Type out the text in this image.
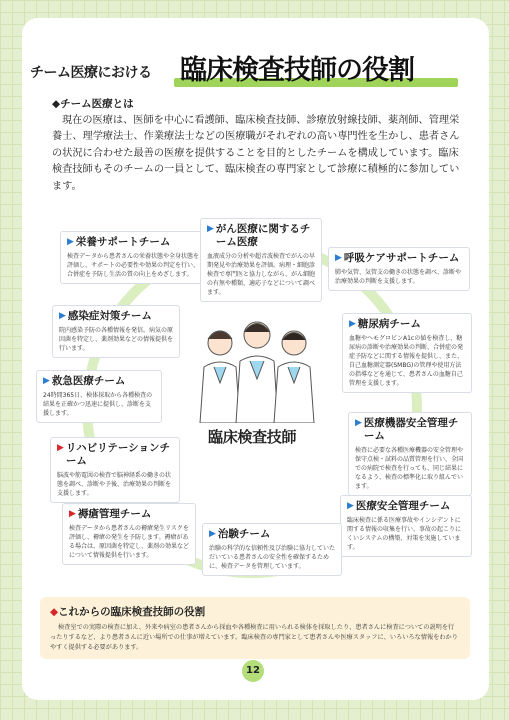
チーム医療における 臨床検査技師の役割
◆チーム医療とは

現在の医療は、医師を中心に看護師、臨床検査技師、診療放射線技師、薬剤師、管理栄養士、理学療法士、作業療法士などの医療職がそれぞれの高い専門性を生かし、患者さんの状況に合わせた最善の医療を提供することを目的としたチームを構成しています。臨床検査技師もそのチームの一員として、臨床検査の専門家として診療に積極的に参加しています。

臨床検査技師
▶ 栄養サポートチーム
検査データから患者さんの栄養状態や全身状態を評価し、サポートの必要性や効果の判定を行い、合併症を予防し生活の質の向上をめざします。
▶ がん医療に関するチーム医療
血液成分の分析や超音波検査でがんの早期発見や治療効果を評価。病理・細胞診検査で専門医と協力しながら、がん細胞の有無や種類、適応子などについて調べます。
▶ 呼吸ケアサポートチーム
肺や気管、気管支の働きの状態を調べ、診断や治療効果の判断を支援します。
▶ 感染症対策チーム
院内感染予防の各種情報を発信。病気の原因菌を特定し、薬剤効果などの情報提供を行います。
▶ 糖尿病チーム
血糖やヘモグロビンA1cの値を検査し、糖尿病の診断や治療効果の判断、合併症の発症予防などに関する情報を提供し、また、自己血糖測定器(SMBG)の管理や使用方法の指導などを通じて、患者さんの血糖自己管理を支援します。
▶ 救急医療チーム
24時間365日、検体採取から各種検査の結果を正確かつ迅速に提供し、診断を支援します。
▶ 医療機器安全管理チーム
検査に必要な各種医療機器の安全管理や保守点検・試料の品質管理を行い、全国での病院で検査を行っても、同じ結果になるよう、検査の標準化に取り組んでいます。
▶ リハビリテーションチーム
脳波や筋電図の検査で脳神経系の働きの状態を調べ、診断や予後、治療効果の判断を支援します。
▶ 医療安全管理チーム
臨床検査に係る医療事故やインシデントに関する情報の収集を行い、事故の起こりにくいシステムの構築、対策を実施しています。
▶ 褥瘡管理チーム
検査データから患者さんの褥瘡発生リスクを評価し、褥瘡の発生を予防します。褥瘡がある場合は、原因菌を特定し、薬剤の効果などについて情報提供を行います。
▶ 治験チーム
治験の科学的な信頼性及び治験に協力していただいている患者さんの安全性を確保するために、検査データを管理しています。
◆これからの臨床検査技師の役割

検査室での実際の検査に加え、外来や病室の患者さんから採血や各種検査に用いられる検体を採取したり、患者さんに検査についての説明を行ったりするなど、より患者さんに近い場所での仕事が増えています。臨床検査の専門家として患者さんや医療スタッフに、いろいろな情報をわかりやすく提供する必要があります。

12
